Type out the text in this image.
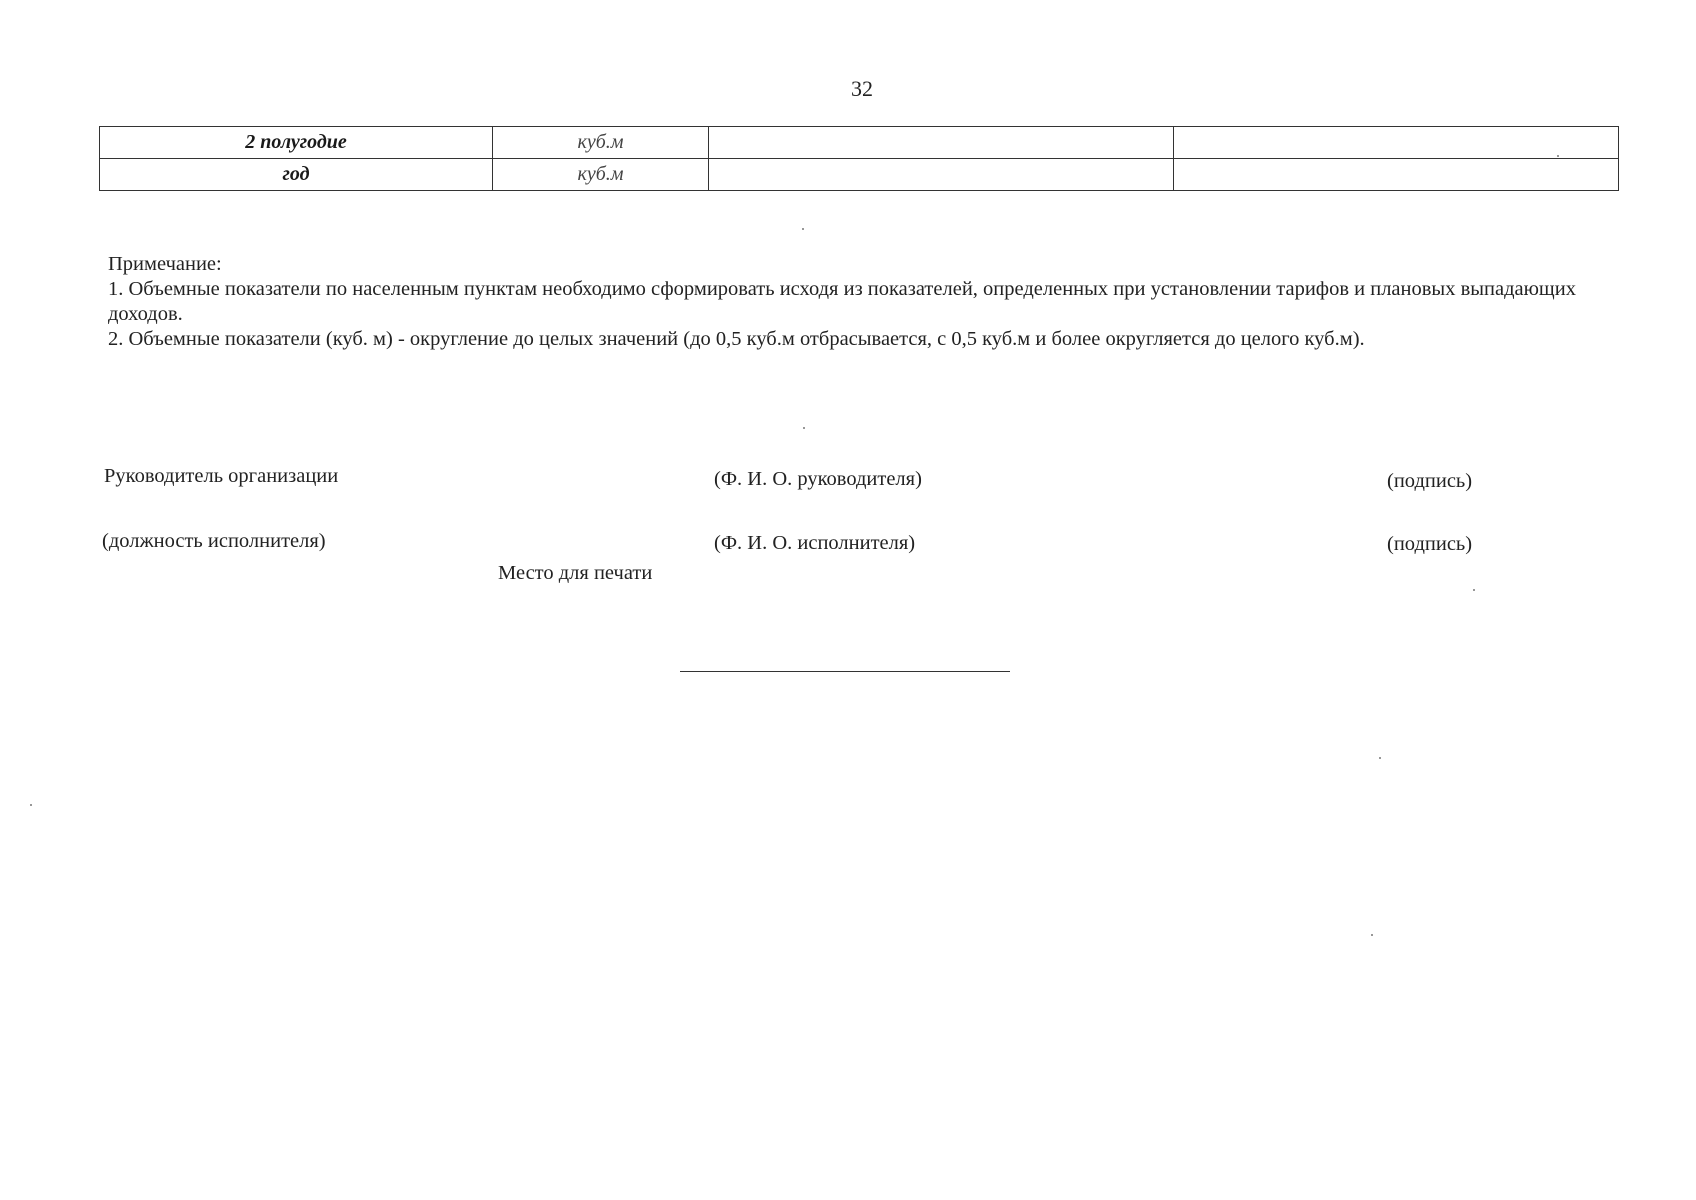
32
2 полугодие	куб.м		
год	куб.м		

Примечание:

1. Объемные показатели по населенным пунктам необходимо сформировать исходя из показателей, определенных при установлении тарифов и плановых выпадающих доходов.

2. Объемные показатели (куб. м) - округление до целых значений (до 0,5 куб.м отбрасывается, с 0,5 куб.м и более округляется до целого куб.м).

Руководитель организации	(Ф. И. О. руководителя)	(подпись)
(должность исполнителя)	(Ф. И. О. исполнителя)	(подпись)
Место для печати
